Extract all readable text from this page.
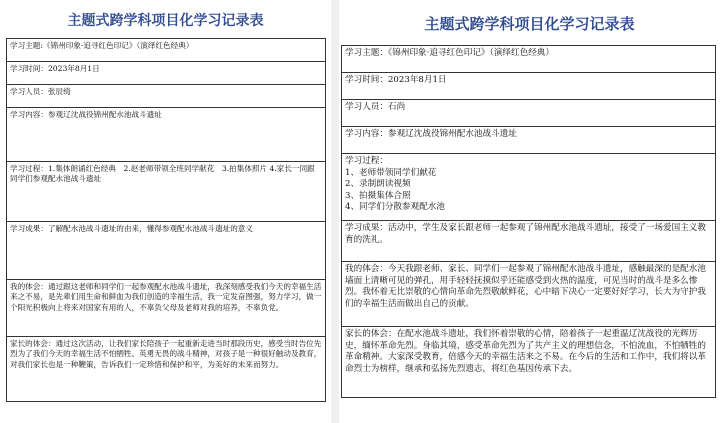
主题式跨学科项目化学习记录表
学习主题:《锦州印象·追寻红色印记》（演绎红色经典）
学习时间：2023年8月1日
学习人员：张辰绮
学习内容：参观辽沈战役锦州配水池战斗遗址
学习过程：1.集体朗诵红色经典　2.赵老师带领全班同学献花　3.拍集体照片 4.家长一同跟同学们参观配水池战斗遗址
学习成果：了解配水池战斗遗址的由来，懂得参观配水池战斗遗址的意义
我的体会：通过跟这老师和同学们一起参观配水池战斗遗址，我深刻感受我们今天的幸福生活来之不易，是先辈们用生命和鲜血为我们创造的幸福生活，我一定发奋图强，努力学习，做一个阳光积极向上将来对国家有用的人，不辜负父母及老师对我的培养，不辜负党。
家长的体会：通过这次活动，让我们家长陪孩子一起重新走进当时那段历史，感受当时告位先烈为了我们今天的幸福生活不怕牺牲、英勇无畏的战斗精神，对孩子是一种很好触动及教育，对我们家长也是一种鞭策，告诉我们一定珍惜和保护和平，为美好的未来而努力。
主题式跨学科项目化学习记录表
学习主题：《锦州印象·追寻红色印记》（演绎红色经典）
学习时间：2023年8月1日
学习人员：石尚
学习内容：参观辽沈战役锦州配水池战斗遗址

学习过程：
1、老师带领同学们献花
2、录制朗读视频
3、拍摄集体合照
4、同学们分散参观配水池

学习成果：活动中，学生及家长跟老师一起参观了锦州配水池战斗遗址，接受了一场爱国主义教育的洗礼。
我的体会：今天我跟老师、家长、同学们一起参观了锦州配水池战斗遗址，感触最深的是配水池墙面上清晰可见的弹孔，用手轻轻抚摸似乎还能感受到火热的温度，可见当时的战斗是多么惨烈。我怀着无比崇敬的心情向革命先烈敬献鲜花，心中暗下决心一定要好好学习，长大为守护我们的幸福生活而做出自己的贡献。
家长的体会：在配水池战斗遗址，我们怀着崇敬的心情，陪着孩子一起重温辽沈战役的光辉历史，缅怀革命先烈。身临其境，感受革命先烈为了共产主义的理想信念，不怕流血，不怕牺牲的革命精神。大家深受教育，倍感今天的幸福生活来之不易。在今后的生活和工作中，我们将以革命烈士为榜样，继承和弘扬先烈遗志，将红色基因传承下去。
